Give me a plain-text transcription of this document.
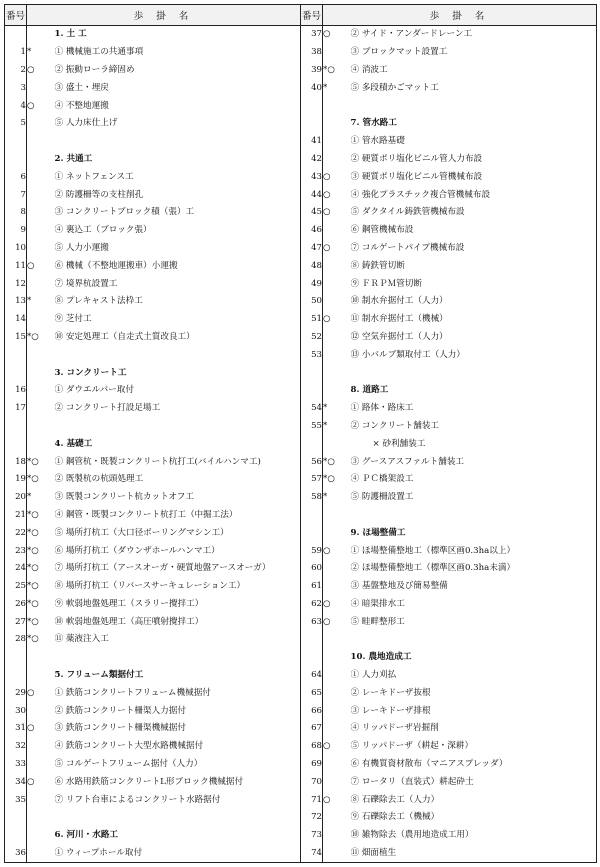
番号	歩 掛 名		番号	歩 掛 名	
		1. 土 工	37	○	② サイド・アンダードレーン工
1	*	① 機械施工の共通事項	38		③ ブロックマット設置工
2	○	② 振動ローラ締固め	39	*○	④ 消波工
3		③ 盛土・埋戻	40	*	⑤ 多段積かごマット工
4	○	④ 不整地運搬			
5		⑤ 人力床仕上げ			7. 管水路工
			41		① 管水路基礎
		2. 共通工	42		② 硬質ポリ塩化ビニル管人力布設
6		① ネットフェンス工	43	○	③ 硬質ポリ塩化ビニル管機械布設
7		② 防護柵等の支柱削孔	44	○	④ 強化プラスチック複合管機械布設
8		③ コンクリートブロック積（張）工	45	○	⑤ ダクタイル鋳鉄管機械布設
9		④ 裏込工（ブロック張）	46		⑥ 鋼管機械布設
10		⑤ 人力小運搬	47	○	⑦ コルゲートパイプ機械布設
11	○	⑥ 機械（不整地運搬車）小運搬	48		⑧ 鋳鉄管切断
12		⑦ 境界杭設置工	49		⑨ ＦＲＰＭ管切断
13	*	⑧ プレキャスト法枠工	50		⑩ 制水弁据付工（人力）
14		⑨ 芝付工	51	○	⑪ 制水弁据付工（機械）
15	*○	⑩ 安定処理工（自走式土質改良工）	52		⑫ 空気弁据付工（人力）
			53		⑬ 小バルブ類取付工（人力）
		3. コンクリート工			
16		① ダウエルバー取付			8. 道路工
17		② コンクリート打設足場工	54	*	① 路体・路床工
			55	*	② コンクリート舗装工
		4. 基礎工			× 砂利舗装工
18	*○	① 鋼管杭・既製コンクリート杭打工(バイルハンマ工)	56	*○	③ グースアスファルト舗装工
19	*○	② 既製杭の杭頭処理工	57	*○	④ ＰＣ橋架設工
20	*	③ 既製コンクリート杭カットオフ工	58	*	⑤ 防護柵設置工
21	*○	④ 鋼管・既製コンクリート杭打工（中掘工法）			
22	*○	⑤ 場所打杭工（大口径ボーリングマシン工）			9. ほ場整備工
23	*○	⑥ 場所打杭工（ダウンザホールハンマ工）	59	○	① ほ場整備整地工（標準区画0.3ha以上）
24	*○	⑦ 場所打杭工（アースオーガ・硬質地盤アースオーガ）	60		② ほ場整備整地工（標準区画0.3ha未満）
25	*○	⑧ 場所打杭工（リバースサーキュレーション工）	61		③ 基盤整地及び簡易整備
26	*○	⑨ 軟弱地盤処理工（スラリー攪拌工）	62	○	④ 暗渠排水工
27	*○	⑩ 軟弱地盤処理工（高圧噴射攪拌工）	63	○	⑤ 畦畔整形工
28	*○	⑪ 薬液注入工			
					10. 農地造成工
		5. フリューム類据付工	64		① 人力刈払
29	○	① 鉄筋コンクリートフリューム機械据付	65		② レーキドーザ抜根
30		② 鉄筋コンクリート柵渠人力据付	66		③ レーキドーザ排根
31	○	③ 鉄筋コンクリート柵渠機械据付	67		④ リッパドーザ岩掘削
32		④ 鉄筋コンクリート大型水路機械据付	68	○	⑤ リッパドーザ（耕起・深耕）
33		⑤ コルゲートフリューム据付（人力）	69		⑥ 有機質資材散布（マニアスプレッダ）
34	○	⑥ 水路用鉄筋コンクリートL形ブロック機械据付	70		⑦ ロータリ（直装式）耕起砕土
35		⑦ リフト台車によるコンクリート水路据付	71	○	⑧ 石礫除去工（人力）
			72		⑨ 石礫除去工（機械）
		6. 河川・水路工	73		⑩ 雑物除去（農用地造成工用）
36		① ウィープホール取付	74		⑪ 畑面植生
